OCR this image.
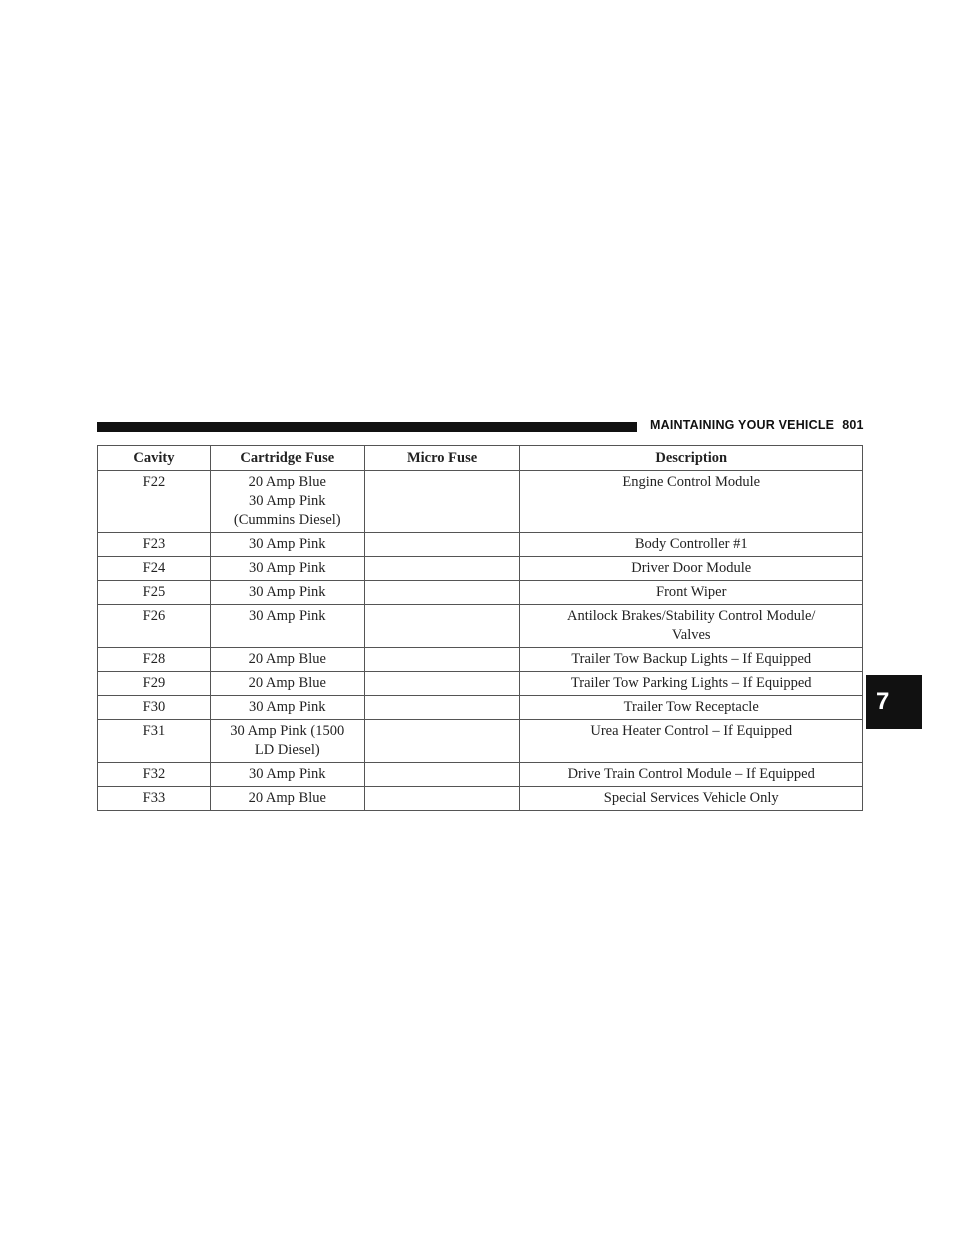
MAINTAINING YOUR VEHICLE 801
7
Cavity	Cartridge Fuse	Micro Fuse	Description
F22	20 Amp Blue
30 Amp Pink
(Cummins Diesel)		Engine Control Module
F23	30 Amp Pink		Body Controller #1
F24	30 Amp Pink		Driver Door Module
F25	30 Amp Pink		Front Wiper
F26	30 Amp Pink		Antilock Brakes/Stability Control Module/
Valves

F28	20 Amp Blue		Trailer Tow Backup Lights – If Equipped
F29	20 Amp Blue		Trailer Tow Parking Lights – If Equipped
F30	30 Amp Pink		Trailer Tow Receptacle
F31	30 Amp Pink (1500
LD Diesel)		Urea Heater Control – If Equipped
F32	30 Amp Pink		Drive Train Control Module – If Equipped
F33	20 Amp Blue		Special Services Vehicle Only
